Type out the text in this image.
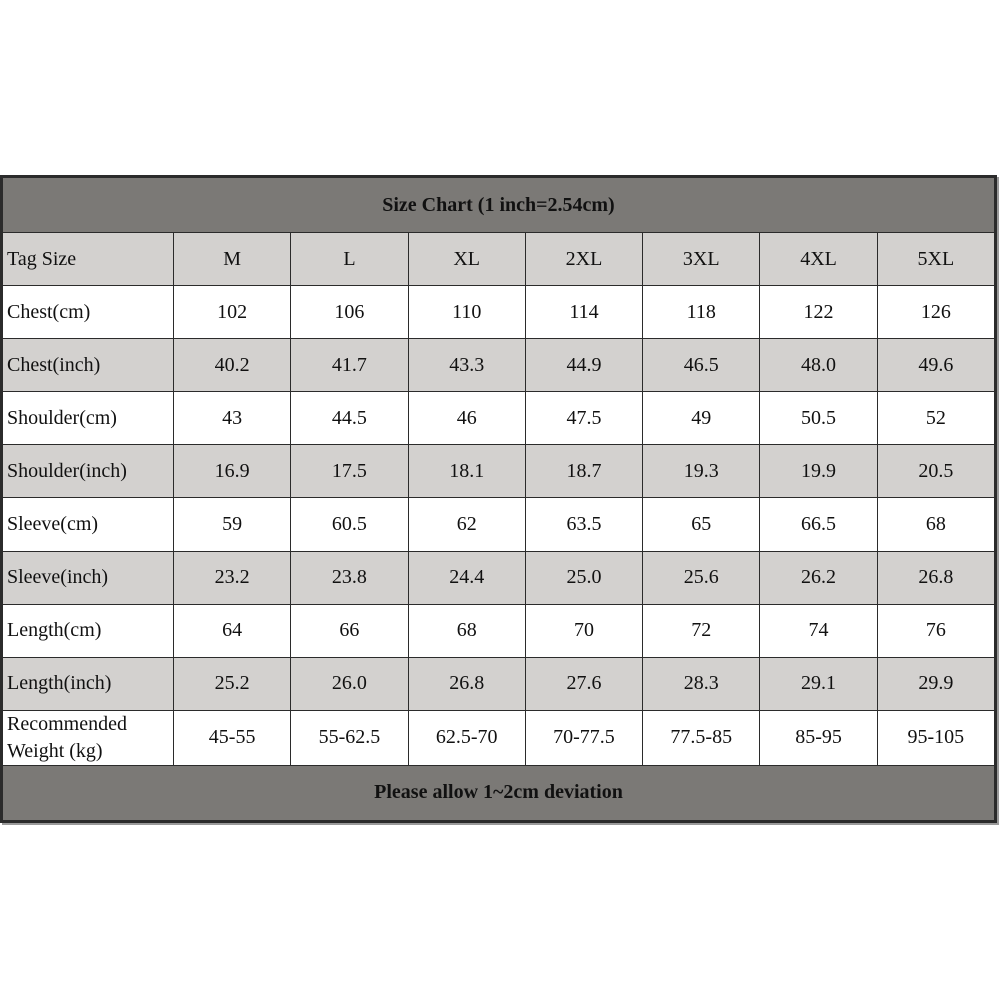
Size Chart (1 inch=2.54cm)							
Tag Size	M	L	XL	2XL	3XL	4XL	5XL
Chest(cm)	102	106	110	114	118	122	126
Chest(inch)	40.2	41.7	43.3	44.9	46.5	48.0	49.6
Shoulder(cm)	43	44.5	46	47.5	49	50.5	52
Shoulder(inch)	16.9	17.5	18.1	18.7	19.3	19.9	20.5
Sleeve(cm)	59	60.5	62	63.5	65	66.5	68
Sleeve(inch)	23.2	23.8	24.4	25.0	25.6	26.2	26.8
Length(cm)	64	66	68	70	72	74	76
Length(inch)	25.2	26.0	26.8	27.6	28.3	29.1	29.9
Recommended Weight (kg)	45-55	55-62.5	62.5-70	70-77.5	77.5-85	85-95	95-105
Please allow 1~2cm deviation							
